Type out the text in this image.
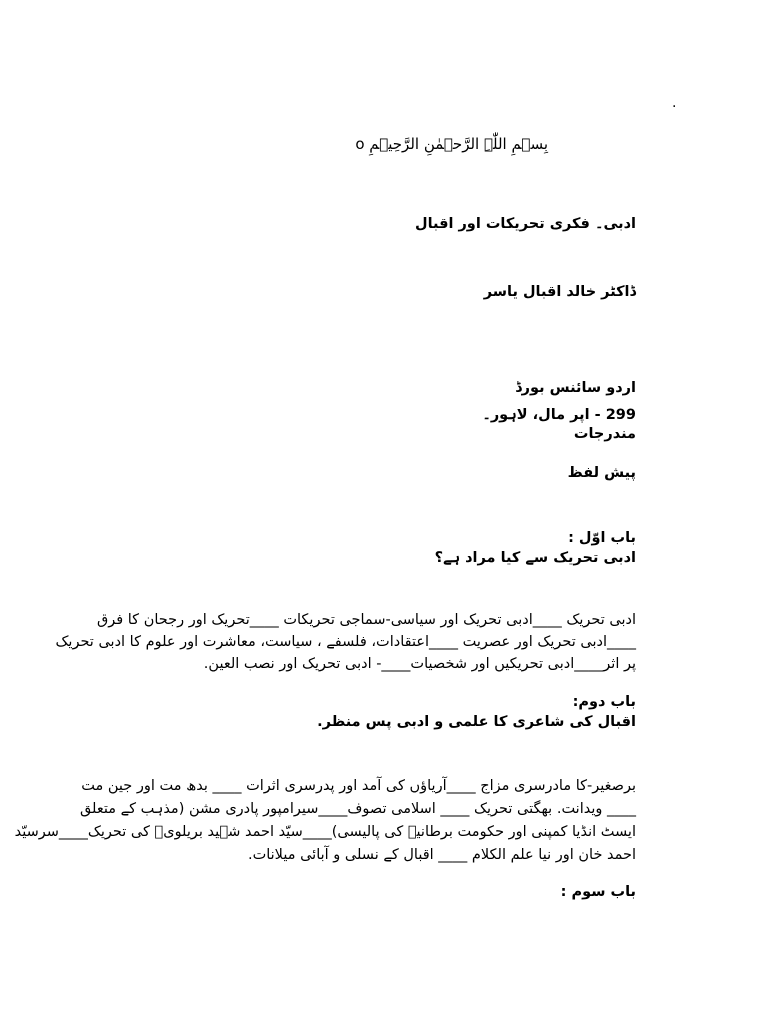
.
بِسۡمِ اللّٰہِ الرَّحۡمٰنِ الرَّحِیۡمِ o
ادبی۔ فکری تحریکات اور اقبال
ڈاکٹر خالد اقبال یاسر
اردو سائنس بورڈ
299 - اپر مال، لاہور۔
مندرجات
پیش لفظ
باب اوّل :
ادبی تحریک سے کیا مراد ہے؟
ادبی تحریک ____ادبی تحریک اور سیاسی-سماجی تحریکات ____تحریک اور رجحان کا فرق
____ادبی تحریک اور عصریت ____اعتقادات، فلسفے ، سیاست، معاشرت اور علوم کا ادبی تحریک
پر اثر____ادبی تحریکیں اور شخصیات____- ادبی تحریک اور نصب العین.
باب دوم:
اقبال کی شاعری کا علمی و ادبی پس منظر.
برصغیر-کا مادرسری مزاج ____آریاؤں کی آمد اور پدرسری اثرات ____ بدھ مت اور جین مت
____ ویدانت. بھگتی تحریک ____ اسلامی تصوف____سیرامپور پادری مشن (مذہب کے متعلق
ایسٹ انڈیا کمپنی اور حکومت برطانیہ کی پالیسی)____سیّد احمد شہید بریلویؒ کی تحریک____سرسیّد
احمد خان اور نیا علم الکلام ____ اقبال کے نسلی و آبائی میلانات.
باب سوم :
